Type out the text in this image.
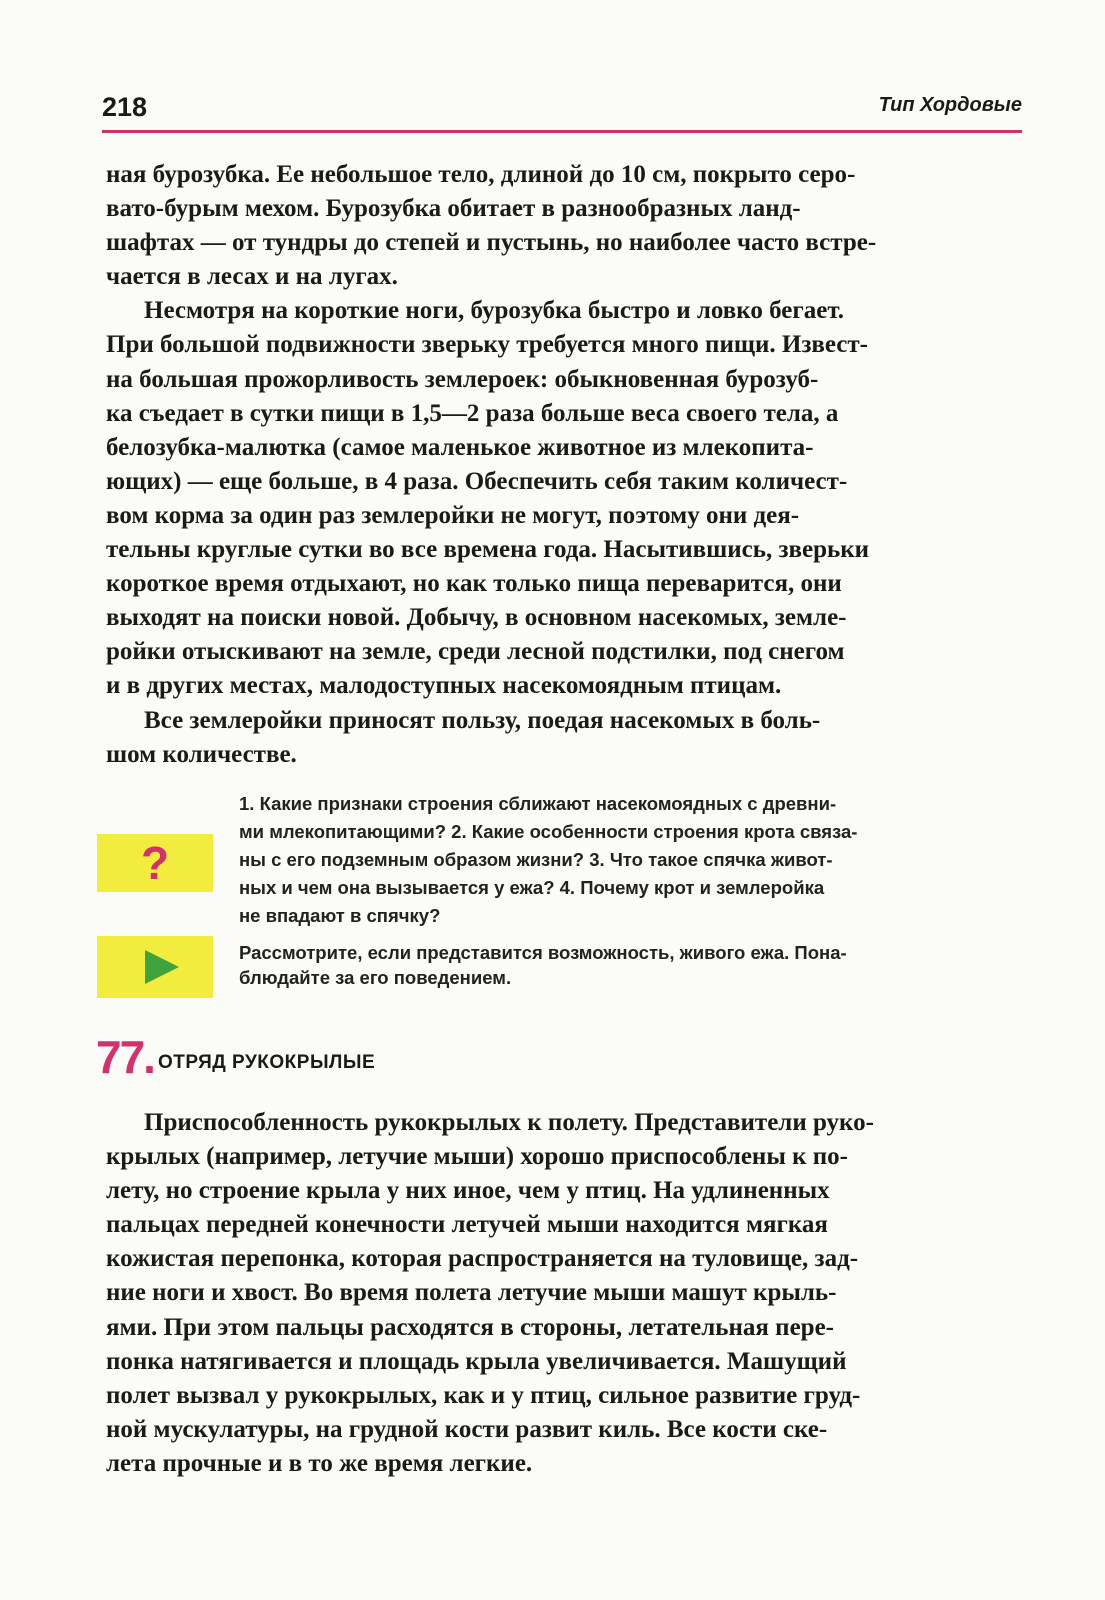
218	Тип Хордовые

ная бурозубка. Ее небольшое тело, длиной до 10 см, покрыто серо-
вато-бурым мехом. Бурозубка обитает в разнообразных ланд-
шафтах — от тундры до степей и пустынь, но наиболее часто встре-
чается в лесах и на лугах.

Несмотря на короткие ноги, бурозубка быстро и ловко бегает.
При большой подвижности зверьку требуется много пищи. Извест-
на большая прожорливость землероек: обыкновенная бурозуб-
ка съедает в сутки пищи в 1,5—2 раза больше веса своего тела, а
белозубка-малютка (самое маленькое животное из млекопита-
ющих) — еще больше, в 4 раза. Обеспечить себя таким количест-
вом корма за один раз землеройки не могут, поэтому они дея-
тельны круглые сутки во все времена года. Насытившись, зверьки
короткое время отдыхают, но как только пища переварится, они
выходят на поиски новой. Добычу, в основном насекомых, земле-
ройки отыскивают на земле, среди лесной подстилки, под снегом
и в других местах, малодоступных насекомоядным птицам.

Все землеройки приносят пользу, поедая насекомых в боль-
шом количестве.

?
1. Какие признаки строения сближают насекомоядных с древни-
ми млекопитающими? 2. Какие особенности строения крота связа-
ны с его подземным образом жизни? 3. Что такое спячка живот-
ных и чем она вызывается у ежа? 4. Почему крот и землеройка
не впадают в спячку?
Рассмотрите, если представится возможность, живого ежа. Пона-
блюдайте за его поведением.
77. ОТРЯД РУКОКРЫЛЫЕ

Приспособленность рукокрылых к полету. Представители руко-
крылых (например, летучие мыши) хорошо приспособлены к по-
лету, но строение крыла у них иное, чем у птиц. На удлиненных
пальцах передней конечности летучей мыши находится мягкая
кожистая перепонка, которая распространяется на туловище, зад-
ние ноги и хвост. Во время полета летучие мыши машут крыль-
ями. При этом пальцы расходятся в стороны, летательная пере-
понка натягивается и площадь крыла увеличивается. Машущий
полет вызвал у рукокрылых, как и у птиц, сильное развитие груд-
ной мускулатуры, на грудной кости развит киль. Все кости ске-
лета прочные и в то же время легкие.
